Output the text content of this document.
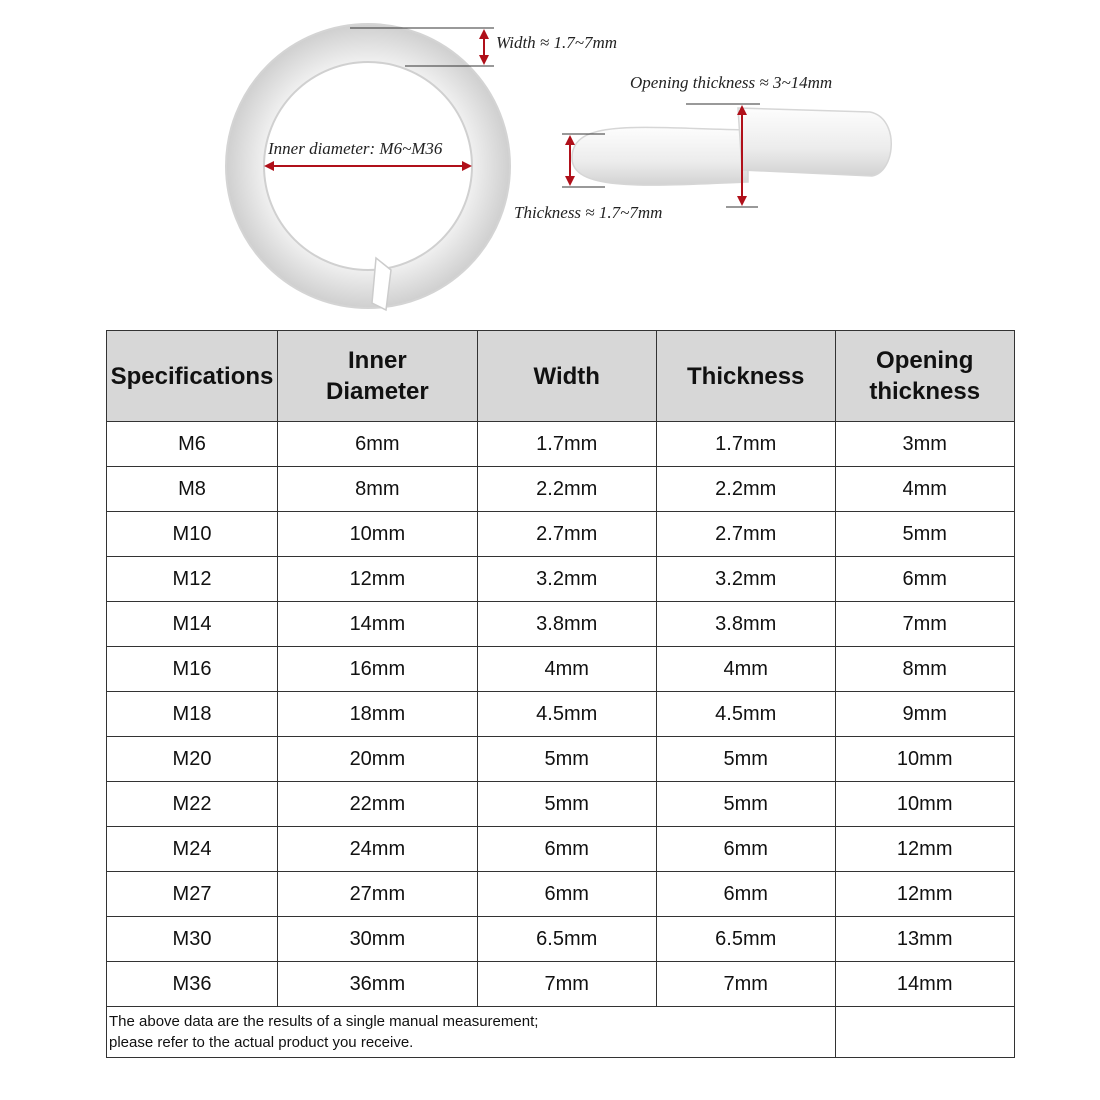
Width ≈ 1.7~7mm
Inner diameter: M6~M36
Opening thickness ≈ 3~14mm
Thickness ≈ 1.7~7mm
Specifications	Inner Diameter	Width	Thickness	Opening thickness
M6	6mm	1.7mm	1.7mm	3mm
M8	8mm	2.2mm	2.2mm	4mm
M10	10mm	2.7mm	2.7mm	5mm
M12	12mm	3.2mm	3.2mm	6mm
M14	14mm	3.8mm	3.8mm	7mm
M16	16mm	4mm	4mm	8mm
M18	18mm	4.5mm	4.5mm	9mm
M20	20mm	5mm	5mm	10mm
M22	22mm	5mm	5mm	10mm
M24	24mm	6mm	6mm	12mm
M27	27mm	6mm	6mm	12mm
M30	30mm	6.5mm	6.5mm	13mm
M36	36mm	7mm	7mm	14mm

The above data are the results of a single manual measurement;
please refer to the actual product you receive.				
